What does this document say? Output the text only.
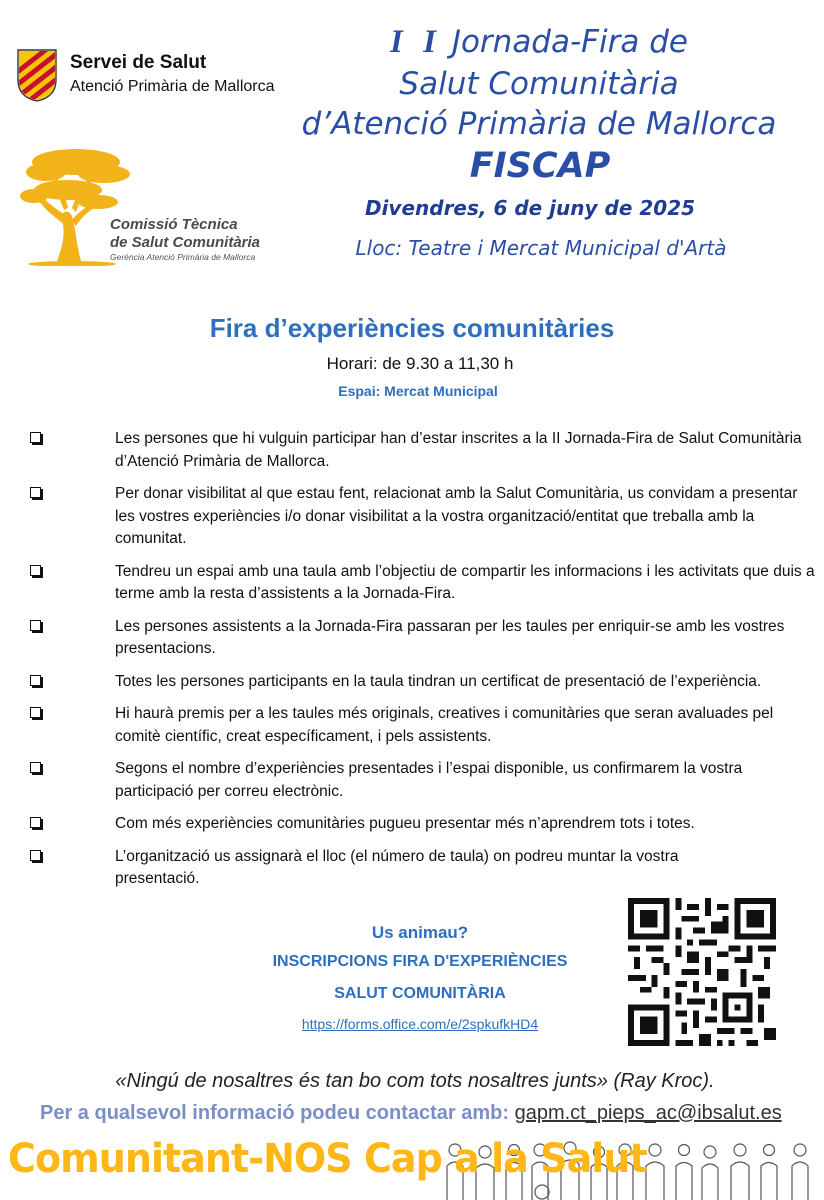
Servei de Salut
Atenció Primària de Mallorca
Comissió Tècnica
de Salut Comunitària
Gerència Atenció Primària de Mallorca
I I Jornada-Fira de
Salut Comunitària
d’Atenció Primària de Mallorca
FISCAP
Divendres, 6 de juny de 2025
Lloc: Teatre i Mercat Municipal d'Artà
Fira d’experiències comunitàries
Horari: de 9.30 a 11,30 h
Espai: Mercat Municipal
Les persones que hi vulguin participar han d’estar inscrites a la II Jornada-Fira de Salut Comunitària d’Atenció Primària de Mallorca.
Per donar visibilitat al que estau fent, relacionat amb la Salut Comunitària, us convidam a presentar les vostres experiències i/o donar visibilitat a la vostra organització/entitat que treballa amb la comunitat.
Tendreu un espai amb una taula amb l’objectiu de compartir les informacions i les activitats que duis a terme amb la resta d’assistents a la Jornada-Fira.
Les persones assistents a la Jornada-Fira passaran per les taules per enriquir-se amb les vostres presentacions.
Totes les persones participants en la taula tindran un certificat de presentació de l’experiència.
Hi haurà premis per a les taules més originals, creatives i comunitàries que seran avaluades pel comitè científic, creat específicament, i pels assistents.
Segons el nombre d’experiències presentades i l’espai disponible, us confirmarem la vostra participació per correu electrònic.
Com més experiències comunitàries pugueu presentar més n’aprendrem tots i totes.
L’organització us assignarà el lloc (el número de taula) on podreu muntar la vostra presentació.
Us animau?
INSCRIPCIONS FIRA D'EXPERIÈNCIES
SALUT COMUNITÀRIA
https://forms.office.com/e/2spkufkHD4
«Ningú de nosaltres és tan bo com tots nosaltres junts» (Ray Kroc).
Per a qualsevol informació podeu contactar amb: gapm.ct_pieps_ac@ibsalut.es
Comunitant-NOS Cap a la Salut
